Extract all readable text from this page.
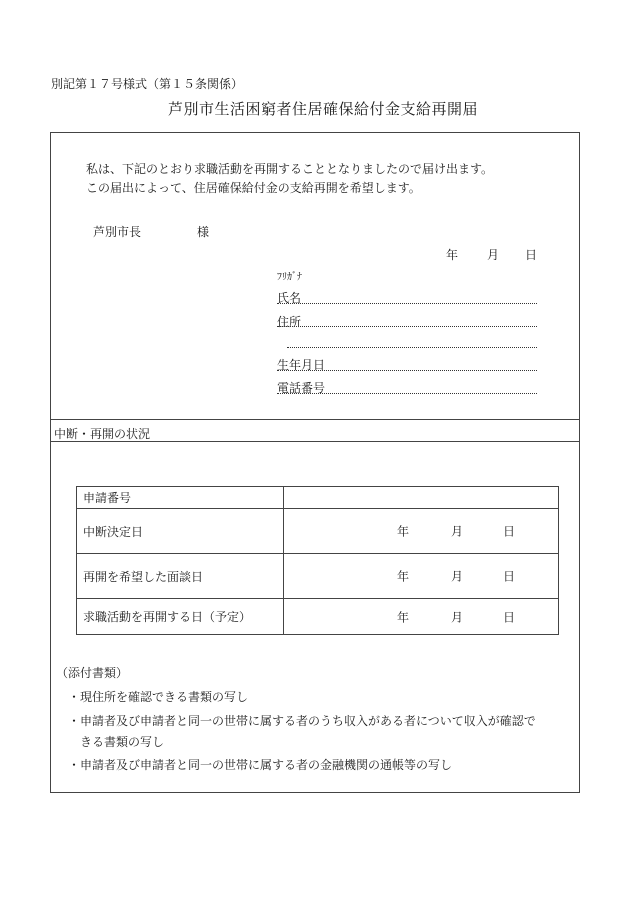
別記第１７号様式（第１５条関係）
芦別市生活困窮者住居確保給付金支給再開届
私は、下記のとおり求職活動を再開することとなりましたので届け出ます。
この届出によって、住居確保給付金の支給再開を希望します。
芦別市長	様
年 月 日
ﾌﾘｶﾞﾅ
氏名
住所
生年月日
電話番号
中断・再開の状況
申請番号	
中断決定日	年 月 日

再開を希望した面談日	年 月 日

求職活動を再開する日（予定）	年 月 日
（添付書類）
・現住所を確認できる書類の写し
・申請者及び申請者と同一の世帯に属する者のうち収入がある者について収入が確認で
きる書類の写し
・申請者及び申請者と同一の世帯に属する者の金融機関の通帳等の写し
